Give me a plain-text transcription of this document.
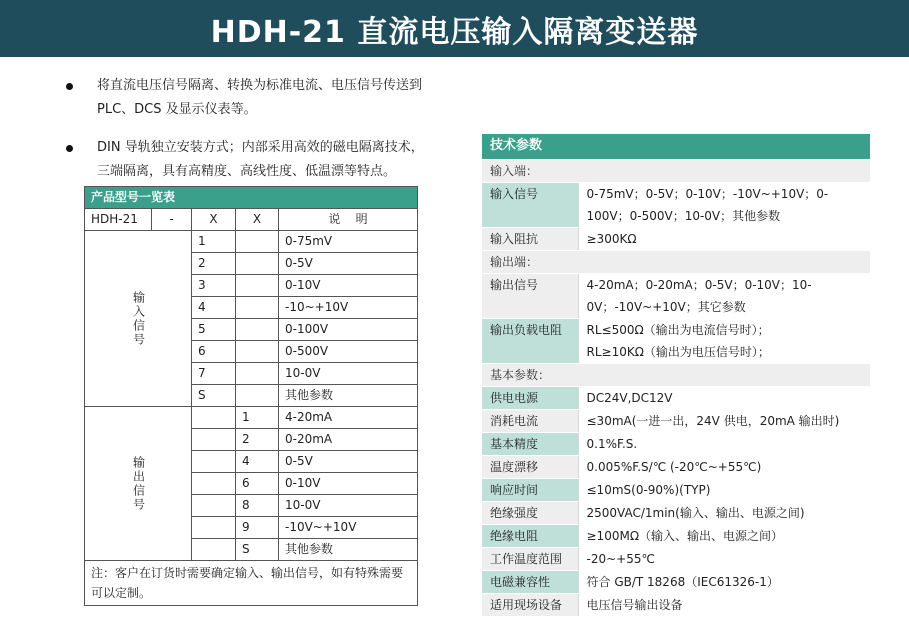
HDH-21 直流电压输入隔离变送器
将直流电压信号隔离、转换为标准电流、电压信号传送到
PLC、DCS 及显示仪表等。
DIN 导轨独立安装方式；内部采用高效的磁电隔离技术，
三端隔离，具有高精度、高线性度、低温漂等特点。
产品型号一览表				
HDH-21	-	X	X	说    明
输入信号		1		0-75mV
		2		0-5V
		3		0-10V
		4		-10~+10V
		5		0-100V
		6		0-500V
		7		10-0V
		S		其他参数
输出信号			1	4-20mA
			2	0-20mA
			4	0-5V
			6	0-10V
			8	10-0V
			9	-10V~+10V
			S	其他参数
注：客户在订货时需要确定输入、输出信号，如有特殊需要可以定制。				
技术参数	
输入端：	
输入信号	0-75mV；0-5V；0-10V；-10V~+10V；0-100V；0-500V；10-0V；其他参数
输入阻抗	≥300KΩ
输出端：	
输出信号	4-20mA；0-20mA；0-5V；0-10V；10-0V；-10V~+10V；其它参数
输出负载电阻	RL≤500Ω（输出为电流信号时）；
RL≥10KΩ（输出为电压信号时）；

基本参数：	
供电电源	DC24V,DC12V
消耗电流	≤30mA(一进一出，24V 供电，20mA 输出时)
基本精度	0.1%F.S.
温度漂移	0.005%F.S/℃ (-20℃~+55℃)
响应时间	≤10mS(0-90%)(TYP)
绝缘强度	2500VAC/1min(输入、输出、电源之间)
绝缘电阻	≥100MΩ（输入、输出、电源之间）
工作温度范围	-20~+55℃
电磁兼容性	符合 GB/T 18268（IEC61326-1）
适用现场设备	电压信号输出设备
